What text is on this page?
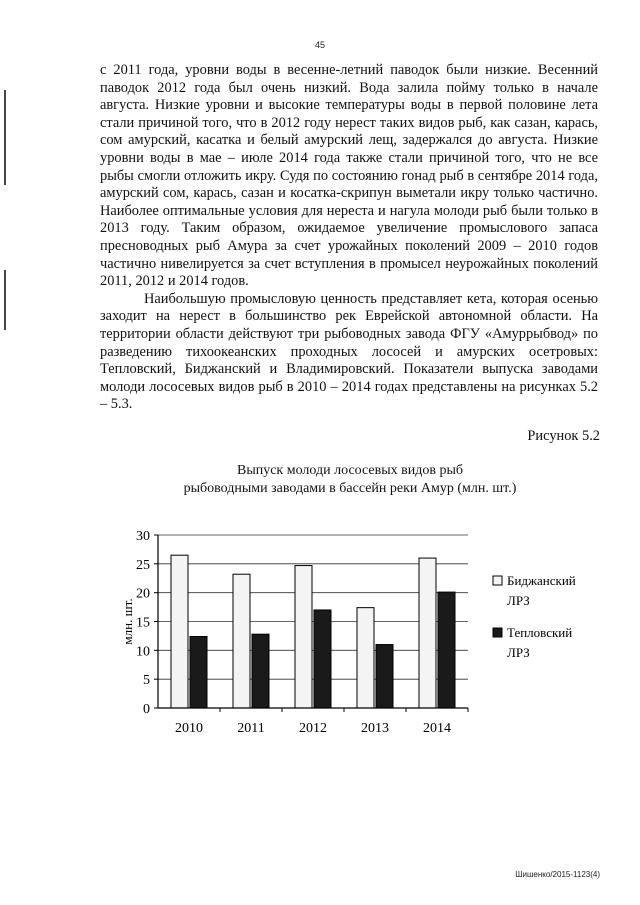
45

с 2011 года, уровни воды в весенне-летний паводок были низкие. Весенний паводок 2012 года был очень низкий. Вода залила пойму только в начале августа. Низкие уровни и высокие температуры воды в первой половине лета стали причиной того, что в 2012 году нерест таких видов рыб, как сазан, карась, сом амурский, касатка и белый амурский лещ, задержался до августа. Низкие уровни воды в мае – июле 2014 года также стали причиной того, что не все рыбы смогли отложить икру. Судя по состоянию гонад рыб в сентябре 2014 года, амурский сом, карась, сазан и косатка-скрипун выметали икру только частично. Наиболее оптимальные условия для нереста и нагула молоди рыб были только в 2013 году. Таким образом, ожидаемое увеличение промыслового запаса пресноводных рыб Амура за счет урожайных поколений 2009 – 2010 годов частично нивелируется за счет вступления в промысел неурожайных поколений 2011, 2012 и 2014 годов.

Наибольшую промысловую ценность представляет кета, которая осенью заходит на нерест в большинство рек Еврейской автономной области. На территории области действуют три рыбоводных завода ФГУ «Амуррыбвод» по разведению тихоокеанских проходных лососей и амурских осетровых: Тепловский, Биджанский и Владимировский. Показатели выпуска заводами молоди лососевых видов рыб в 2010 – 2014 годах представлены на рисунках 5.2 – 5.3.

Рисунок 5.2
Выпуск молоди лососевых видов рыб
рыбоводными заводами в бассейн реки Амур (млн. шт.)
0
5
10
15
20
25
30
млн. шт.
2010 2011 2012 2013 2014
Биджанский
ЛРЗ
Тепловский
ЛРЗ
Шишенко/2015-1123(4)
